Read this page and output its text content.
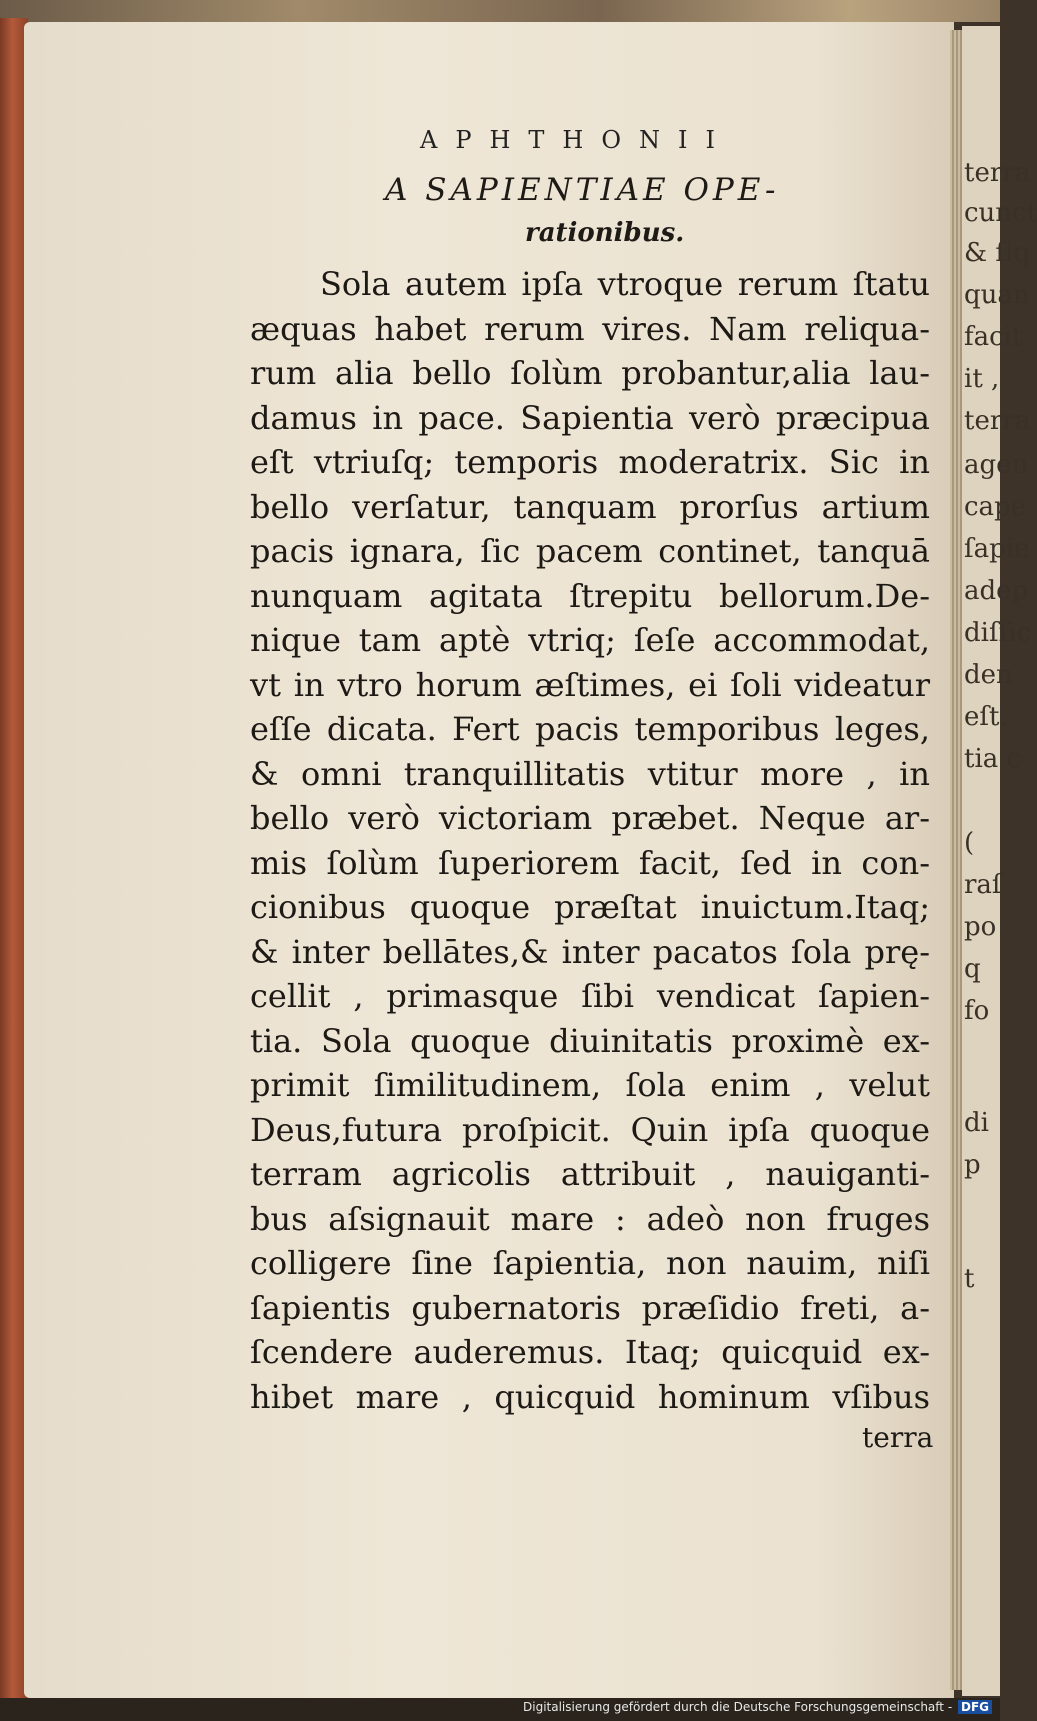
terra
cunct
& ſiq
quan
facit
it ,
terra
agen
cape
ſapie
adep
diſſic
den
eſt.
tia c
(
raſ
po
q
fo
di
p
t
APHTHONII
A SAPIENTIAE OPE-
rationibus.
Sola autem ipſa vtroque rerum ſtatu
æquas habet rerum vires. Nam reliqua-
rum alia bello ſolùm probantur,alia lau-
damus in pace. Sapientia verò præcipua
eſt vtriuſq; temporis moderatrix. Sic in
bello verſatur, tanquam prorſus artium
pacis ignara, ſic pacem continet, tanquā
nunquam agitata ſtrepitu bellorum.De-
nique tam aptè vtriq; ſeſe accommodat,
vt in vtro horum æſtimes, ei ſoli videatur
eſſe dicata. Fert pacis temporibus leges,
& omni tranquillitatis vtitur more , in
bello verò victoriam præbet. Neque ar-
mis ſolùm ſuperiorem facit, ſed in con-
cionibus quoque præſtat inuictum.Itaq;
& inter bellātes,& inter pacatos ſola prę-
cellit , primasque ſibi vendicat ſapien-
tia. Sola quoque diuinitatis proximè ex-
primit ſimilitudinem, ſola enim , velut
Deus,futura proſpicit. Quin ipſa quoque
terram agricolis attribuit , nauiganti-
bus aſsignauit mare : adeò non fruges
colligere ſine ſapientia, non nauim, niſi
ſapientis gubernatoris præſidio freti, a-
ſcendere auderemus. Itaq; quicquid ex-
hibet mare , quicquid hominum vſibus
terra
Digitalisierung gefördert durch die Deutsche Forschungsgemeinschaft - DFG
